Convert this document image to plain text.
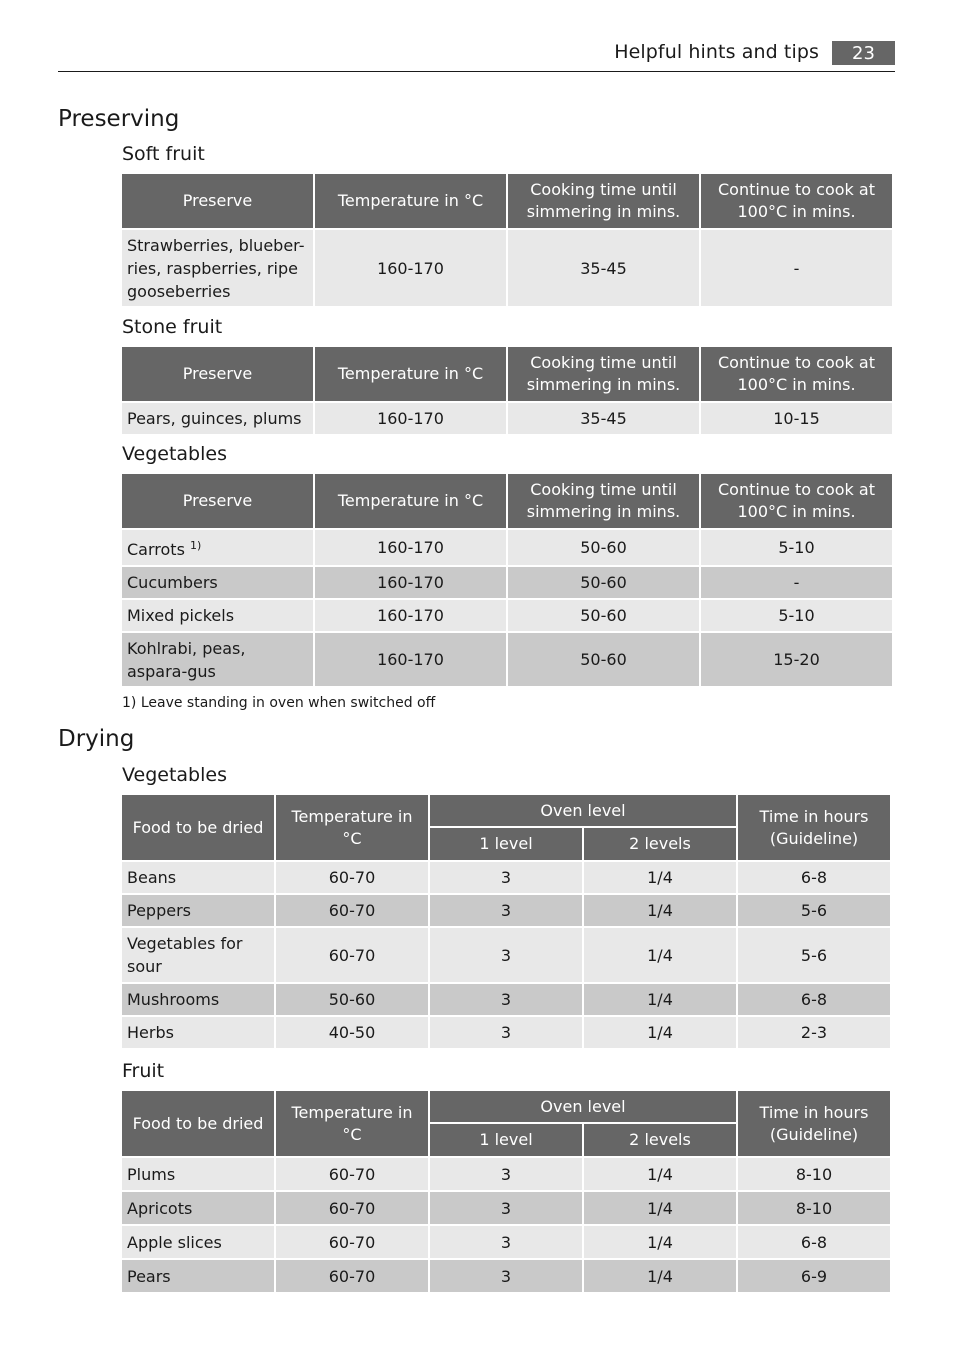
Helpful hints and tips	23
Preserving
Soft fruit
Preserve	Temperature in °C	Cooking time until simmering in mins.	Continue to cook at 100°C in mins.
Strawberries, blueber-ries, raspberries, ripe gooseberries	160-170	35-45	-
Stone fruit
Preserve	Temperature in °C	Cooking time until simmering in mins.	Continue to cook at 100°C in mins.
Pears, guinces, plums	160-170	35-45	10-15
Vegetables
Preserve	Temperature in °C	Cooking time until simmering in mins.	Continue to cook at 100°C in mins.
Carrots $^{1)}$	160-170	50-60	5-10
Cucumbers	160-170	50-60	-
Mixed pickels	160-170	50-60	5-10
Kohlrabi, peas, aspara-gus	160-170	50-60	15-20
1) Leave standing in oven when switched off
Drying
Vegetables
Food to be dried	Temperature in °C	Oven level		Time in hours (Guideline)
		1 level	2 levels	
Beans	60-70	3	1/4	6-8
Peppers	60-70	3	1/4	5-6
Vegetables for sour	60-70	3	1/4	5-6
Mushrooms	50-60	3	1/4	6-8
Herbs	40-50	3	1/4	2-3
Fruit
Food to be dried	Temperature in °C	Oven level		Time in hours (Guideline)
		1 level	2 levels	
Plums	60-70	3	1/4	8-10
Apricots	60-70	3	1/4	8-10
Apple slices	60-70	3	1/4	6-8
Pears	60-70	3	1/4	6-9
